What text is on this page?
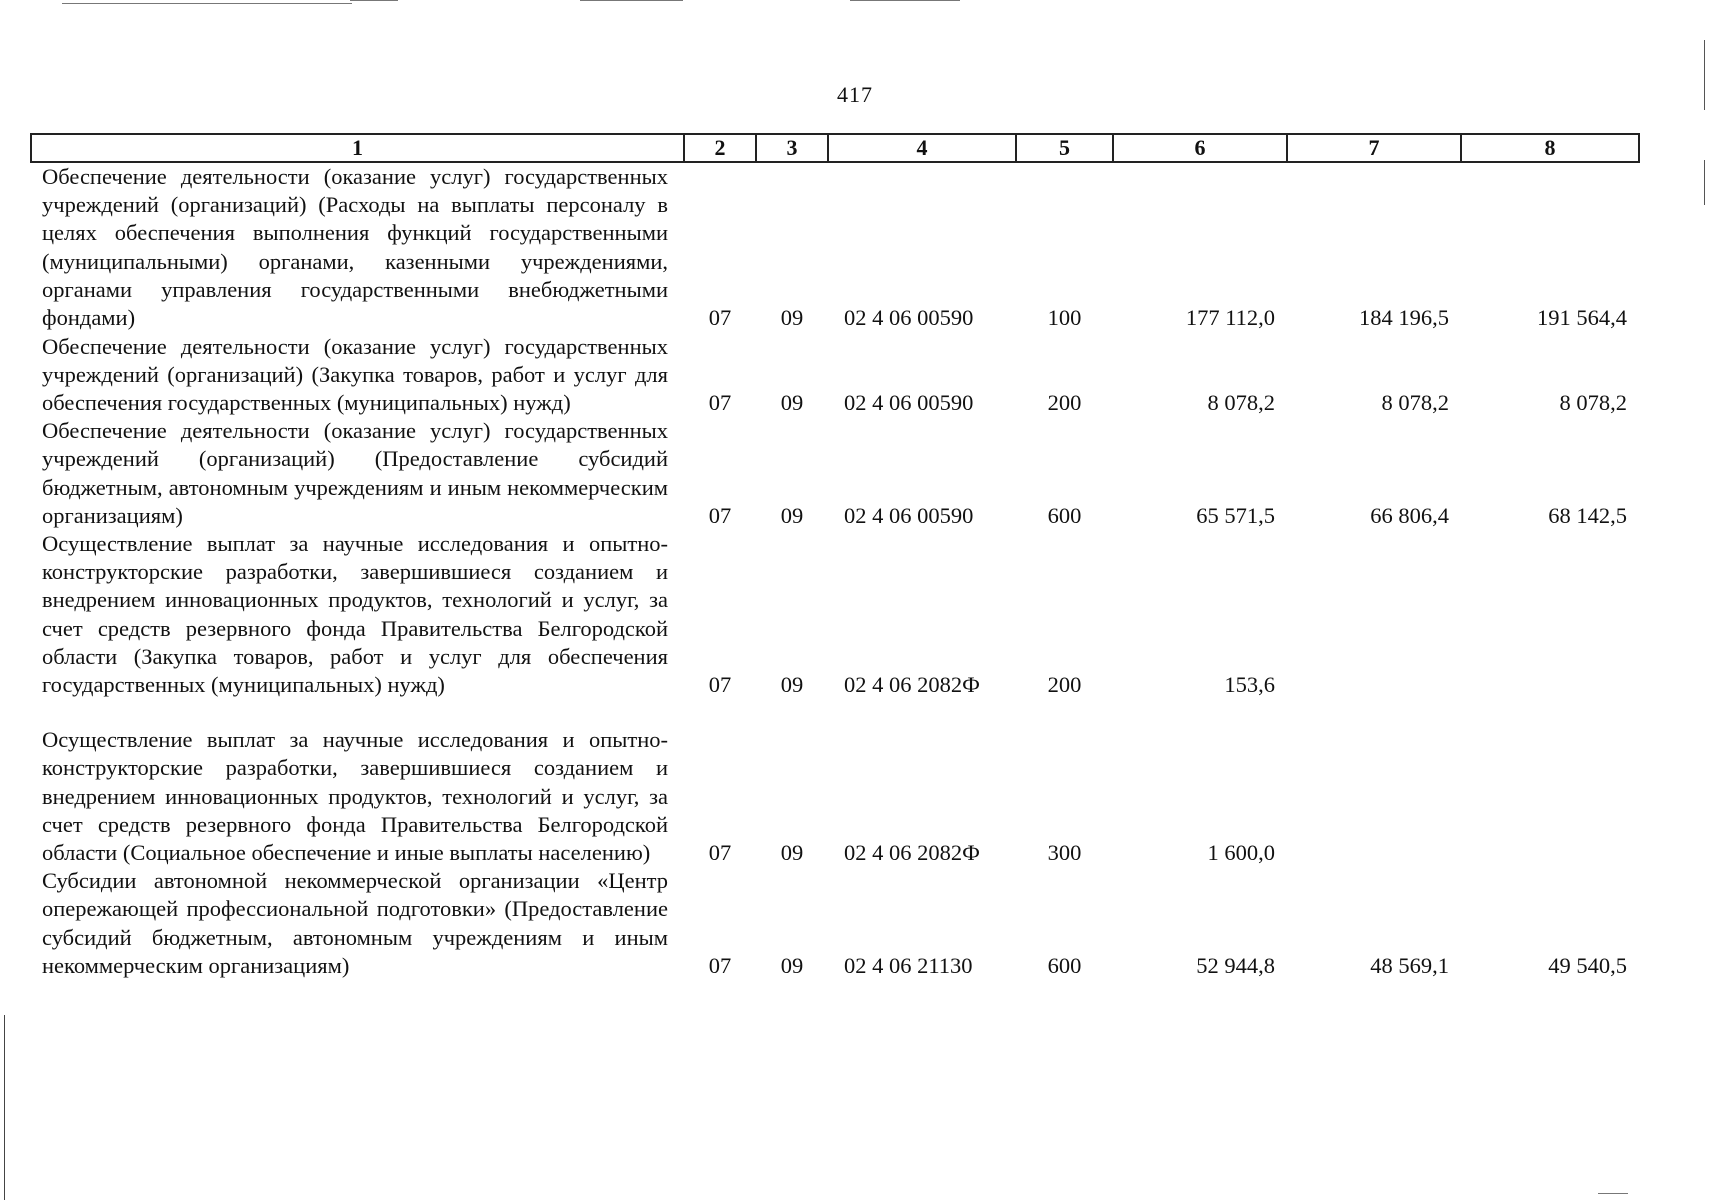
417
1	2	3	4	5	6	7	8
Обеспечение деятельности (оказание услуг) государственных учреждений (организаций) (Расходы на выплаты персоналу в целях обеспечения выполнения функций государственными (муниципальными) органами, казенными учреждениями, органами управления государственными внебюджетными фондами)	07	09	02 4 06 00590	100	177 112,0	184 196,5	191 564,4
Обеспечение деятельности (оказание услуг) государственных учреждений (организаций) (Закупка товаров, работ и услуг для обеспечения государственных (муниципальных) нужд)	07	09	02 4 06 00590	200	8 078,2	8 078,2	8 078,2
Обеспечение деятельности (оказание услуг) государственных учреждений (организаций) (Предоставление субсидий бюджетным, автономным учреждениям и иным некоммерческим организациям)	07	09	02 4 06 00590	600	65 571,5	66 806,4	68 142,5
Осуществление выплат за научные исследования и опытно-конструкторские разработки, завершившиеся созданием и внедрением инновационных продуктов, технологий и услуг, за счет средств резервного фонда Правительства Белгородской области (Закупка товаров, работ и услуг для обеспечения государственных (муниципальных) нужд)	07	09	02 4 06 2082Ф	200	153,6		
Осуществление выплат за научные исследования и опытно-конструкторские разработки, завершившиеся созданием и внедрением инновационных продуктов, технологий и услуг, за счет средств резервного фонда Правительства Белгородской области (Социальное обеспечение и иные выплаты населению)	07	09	02 4 06 2082Ф	300	1 600,0		
Субсидии автономной некоммерческой организации «Центр опережающей профессиональной подготовки» (Предоставление субсидий бюджетным, автономным учреждениям и иным некоммерческим организациям)	07	09	02 4 06 21130	600	52 944,8	48 569,1	49 540,5
